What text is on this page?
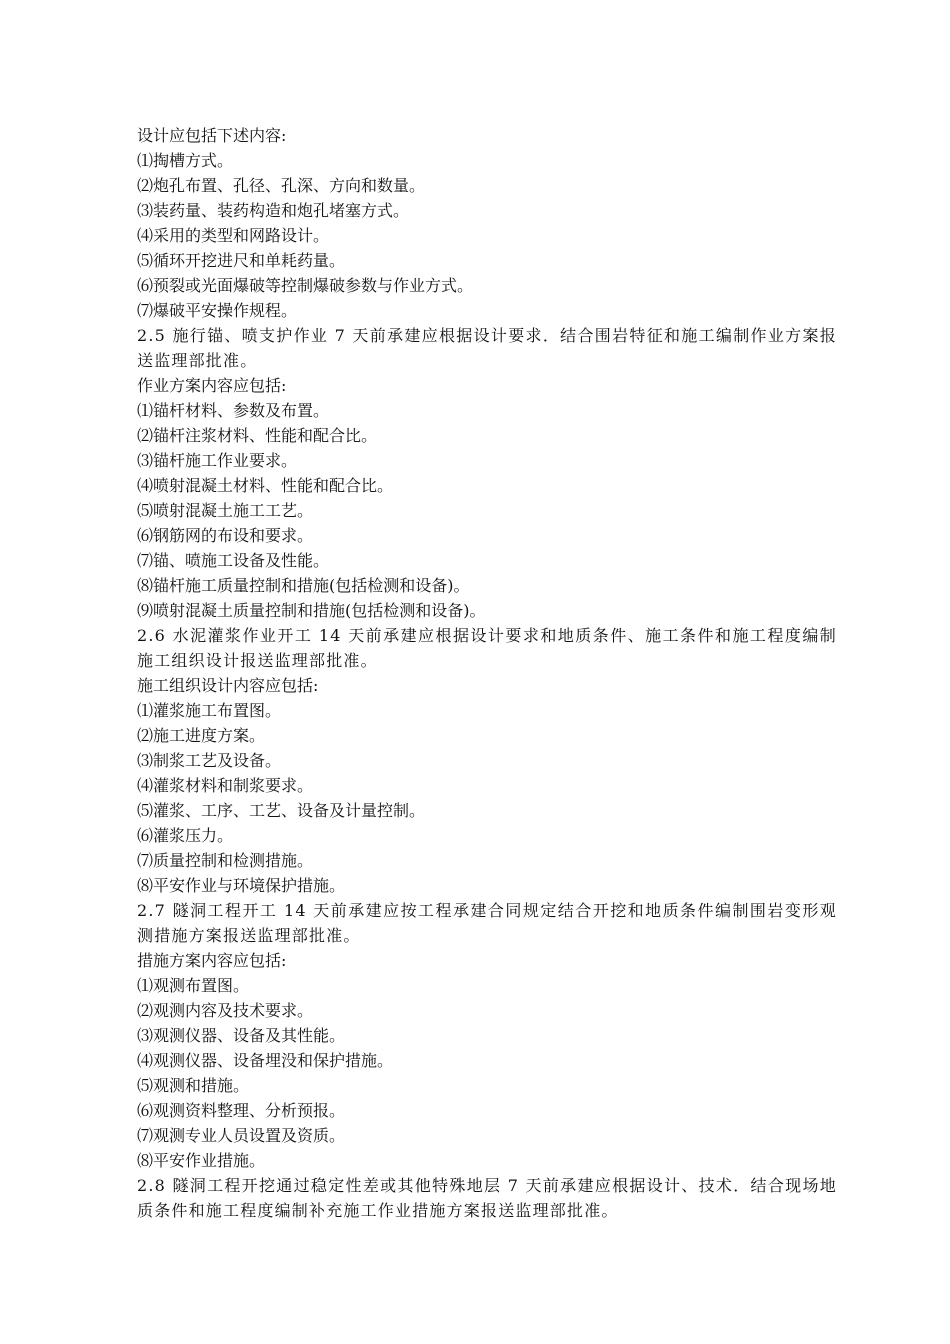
设计应包括下述内容:
⑴掏槽方式。
⑵炮孔布置、孔径、孔深、方向和数量。
⑶装药量、装药构造和炮孔堵塞方式。
⑷采用的类型和网路设计。
⑸循环开挖进尺和单耗药量。
⑹预裂或光面爆破等控制爆破参数与作业方式。
⑺爆破平安操作规程。
2.5 施行锚、喷支护作业 7 天前承建应根据设计要求．结合围岩特征和施工编制作业方案报送监理部批准。
作业方案内容应包括:
⑴锚杆材料、参数及布置。
⑵锚杆注浆材料、性能和配合比。
⑶锚杆施工作业要求。
⑷喷射混凝土材料、性能和配合比。
⑸喷射混凝土施工工艺。
⑹钢筋网的布设和要求。
⑺锚、喷施工设备及性能。
⑻锚杆施工质量控制和措施(包括检测和设备)。
⑼喷射混凝土质量控制和措施(包括检测和设备)。
2.6 水泥灌浆作业开工 14 天前承建应根据设计要求和地质条件、施工条件和施工程度编制施工组织设计报送监理部批准。
施工组织设计内容应包括:
⑴灌浆施工布置图。
⑵施工进度方案。
⑶制浆工艺及设备。
⑷灌浆材料和制浆要求。
⑸灌浆、工序、工艺、设备及计量控制。
⑹灌浆压力。
⑺质量控制和检测措施。
⑻平安作业与环境保护措施。
2.7 隧洞工程开工 14 天前承建应按工程承建合同规定结合开挖和地质条件编制围岩变形观测措施方案报送监理部批准。
措施方案内容应包括:
⑴观测布置图。
⑵观测内容及技术要求。
⑶观测仪器、设备及其性能。
⑷观测仪器、设备埋没和保护措施。
⑸观测和措施。
⑹观测资料整理、分析预报。
⑺观测专业人员设置及资质。
⑻平安作业措施。
2.8 隧洞工程开挖通过稳定性差或其他特殊地层 7 天前承建应根据设计、技术．结合现场地质条件和施工程度编制补充施工作业措施方案报送监理部批准。
